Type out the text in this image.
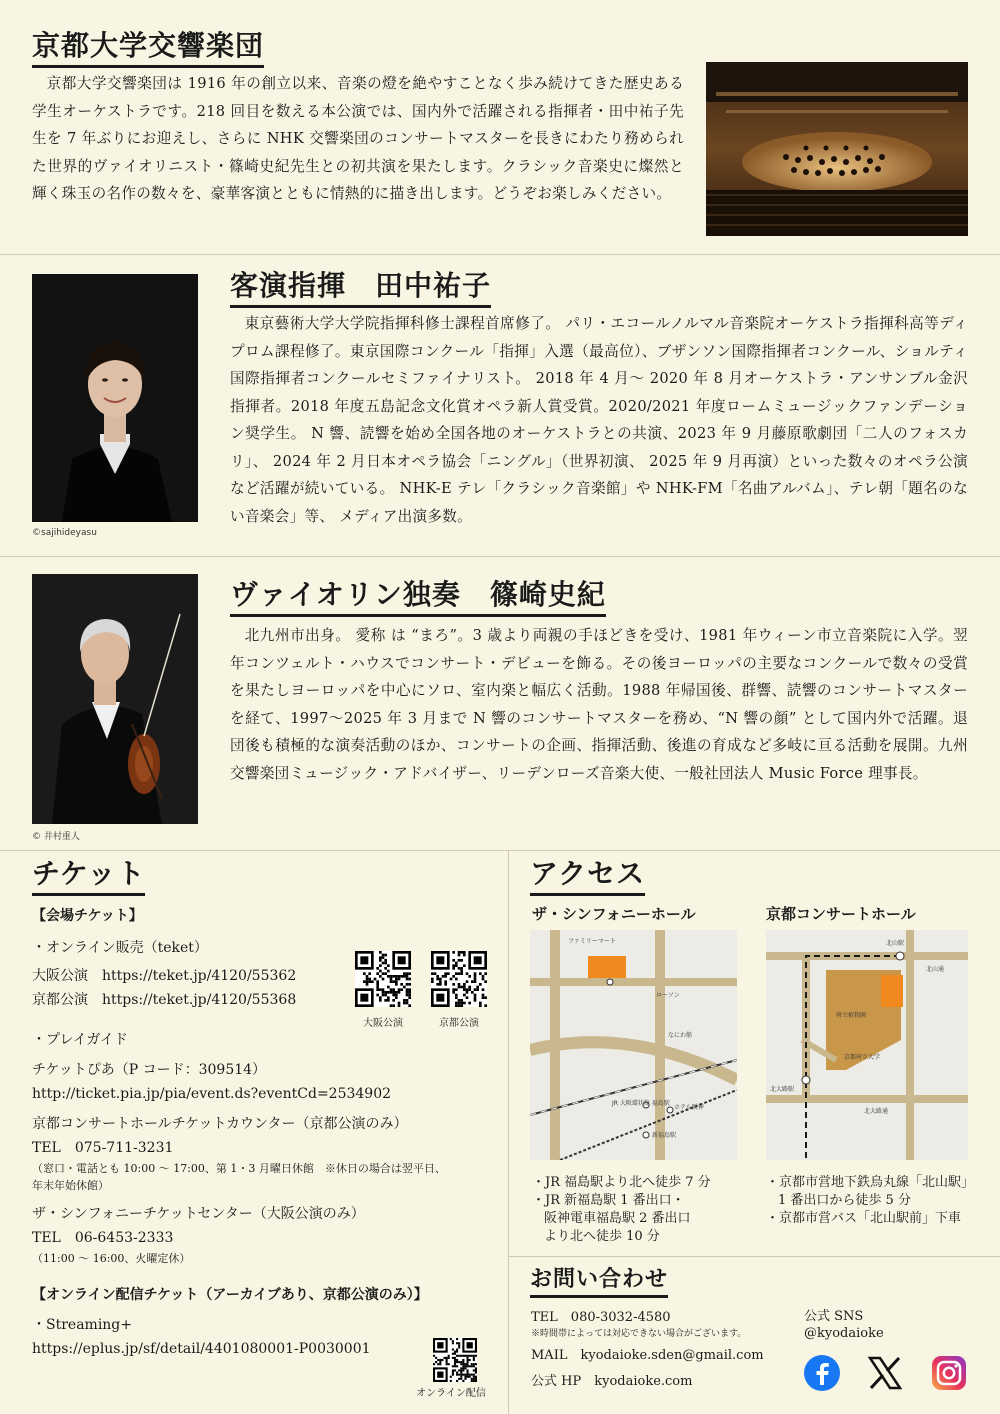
京都大学交響楽団
京都大学交響楽団は 1916 年の創立以来、音楽の燈を絶やすことなく歩み続けてきた歴史ある学生オーケストラです。218 回目を数える本公演では、国内外で活躍される指揮者・田中祐子先生を 7 年ぶりにお迎えし、さらに NHK 交響楽団のコンサートマスターを長きにわたり務められた世界的ヴァイオリニスト・篠崎史紀先生との初共演を果たします。クラシック音楽史に燦然と輝く珠玉の名作の数々を、豪華客演とともに情熱的に描き出します。どうぞお楽しみください。
©sajihideyasu
客演指揮　田中祐子
東京藝術大学大学院指揮科修士課程首席修了。 パリ・エコールノルマル音楽院オーケストラ指揮科高等ディプロム課程修了。東京国際コンクール「指揮」入選（最高位）、ブザンソン国際指揮者コンクール、ショルティ国際指揮者コンクールセミファイナリスト。 2018 年 4 月～ 2020 年 8 月オーケストラ・アンサンブル金沢指揮者。2018 年度五島記念文化賞オペラ新人賞受賞。2020/2021 年度ロームミュージックファンデーション奨学生。 N 響、読響を始め全国各地のオーケストラとの共演、2023 年 9 月藤原歌劇団「二人のフォスカリ」、 2024 年 2 月日本オペラ協会「ニングル」（世界初演、 2025 年 9 月再演）といった数々のオペラ公演など活躍が続いている。 NHK-E テレ「クラシック音楽館」や NHK-FM「名曲アルバム」、テレ朝「題名のない音楽会」等、 メディア出演多数。
© 井村重人
ヴァイオリン独奏　篠崎史紀
北九州市出身。 愛称 は “まろ”。3 歳より両親の手ほどきを受け、1981 年ウィーン市立音楽院に入学。翌年コンツェルト・ハウスでコンサート・デビューを飾る。その後ヨーロッパの主要なコンクールで数々の受賞を果たしヨーロッパを中心にソロ、室内楽と幅広く活動。1988 年帰国後、群響、読響のコンサートマスターを経て、1997～2025 年 3 月まで N 響のコンサートマスターを務め、“N 響の顔” として国内外で活躍。退団後も積極的な演奏活動のほか、コンサートの企画、指揮活動、後進の育成など多岐に亘る活動を展開。九州交響楽団ミュージック・アドバイザー、リーデンローズ音楽大使、一般社団法人 Music Force 理事長。
チケット
【会場チケット】
・オンライン販売（teket）
大阪公演　https://teket.jp/4120/55362
京都公演　https://teket.jp/4120/55368
・プレイガイド
チケットぴあ（P コード：309514）
http://ticket.pia.jp/pia/event.ds?eventCd=2534902
京都コンサートホールチケットカウンター（京都公演のみ）
TEL　075-711-3231
（窓口・電話とも 10:00 ～ 17:00、第 1・3 月曜日休館　※休日の場合は翌平日、
年末年始休館）
ザ・シンフォニーチケットセンター（大阪公演のみ）
TEL　06-6453-2333
（11:00 ～ 16:00、火曜定休）
【オンライン配信チケット（アーカイブあり、京都公演のみ）】
・Streaming+
https://eplus.jp/sf/detail/4401080001-P0030001
大阪公演	京都公演
オンライン配信
アクセス
ザ・シンフォニーホール	京都コンサートホール
ファミリーマート
ローソン
なにわ筋
JR 大阪環状線 福島駅
ホテル阪神
新福島駅
北山駅
北山通
府立植物園
京都府立大学
北大路駅
北大路通
・JR 福島駅より北へ徒歩 7 分
・JR 新福島駅 1 番出口・
阪神電車福島駅 2 番出口
より北へ徒歩 10 分
・京都市営地下鉄烏丸線「北山駅」
1 番出口から徒歩 5 分
・京都市営バス「北山駅前」下車
お問い合わせ
TEL　080-3032-4580
※時間帯によっては対応できない場合がございます。
MAIL　kyodaioke.sden@gmail.com
公式 HP　kyodaioke.com
公式 SNS
@kyodaioke
